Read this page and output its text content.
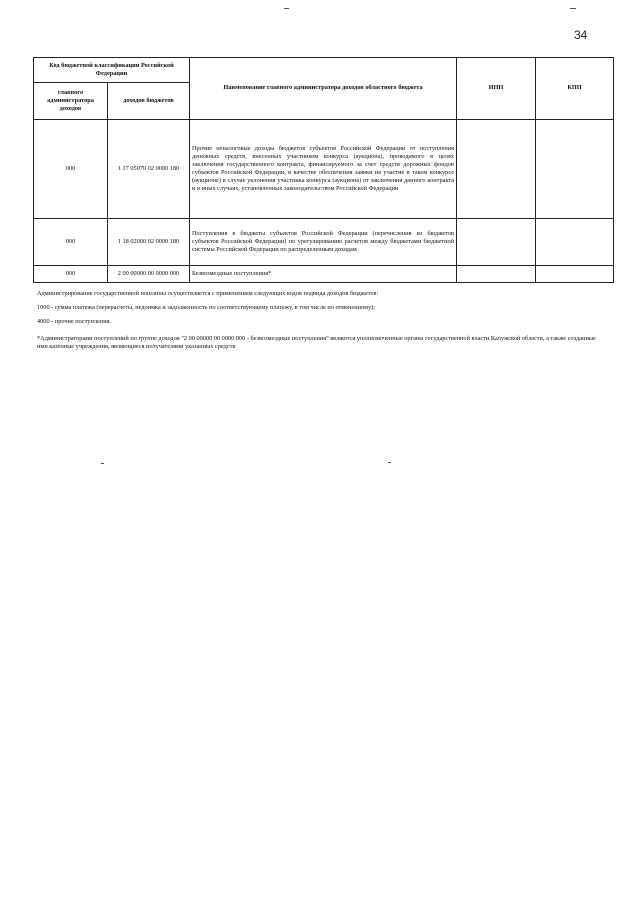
34
Код бюджетной классификации Российской Федерации		Наименование главного администратора доходов областного бюджета	ИНН	КПП
главного администратора доходов	доходов бюджетов			
000	1 17 05070 02 0000 180	Прочие неналоговые доходы бюджетов субъектов Российской Федерации от поступления денежных средств, внесенных участником конкурса (аукциона), проводимого в целях заключения государственного контракта, финансируемого за счет средств дорожных фондов субъектов Российской Федерации, в качестве обеспечения заявки на участие в таком конкурсе (аукционе) в случае уклонения участника конкурса (аукциона) от заключения данного контракта и в иных случаях, установленных законодательством Российской Федерации		
000	1 18 02000 02 0000 180	Поступления в бюджеты субъектов Российской Федерации (перечисления из бюджетов субъектов Российской Федерации) по урегулированию расчетов между бюджетами бюджетной системы Российской Федерации по распределенным доходам		
000	2 00 00000 00 0000 000	Безвозмездные поступления*		

Администрирование государственной пошлины осуществляется с применением следующих кодов подвида доходов бюджетов:

1000 - сумма платежа (перерасчеты, недоимка и задолженность по соответствующему платежу, в том числе по отмененному);

4000 - прочие поступления.

*Администраторами поступлений по группе доходов "2 00 00000 00 0000 000 - безвозмездные поступления" являются уполномоченные органы государственной власти Калужской области, а также созданные ими казенные учреждения, являющиеся получателями указанных средств
